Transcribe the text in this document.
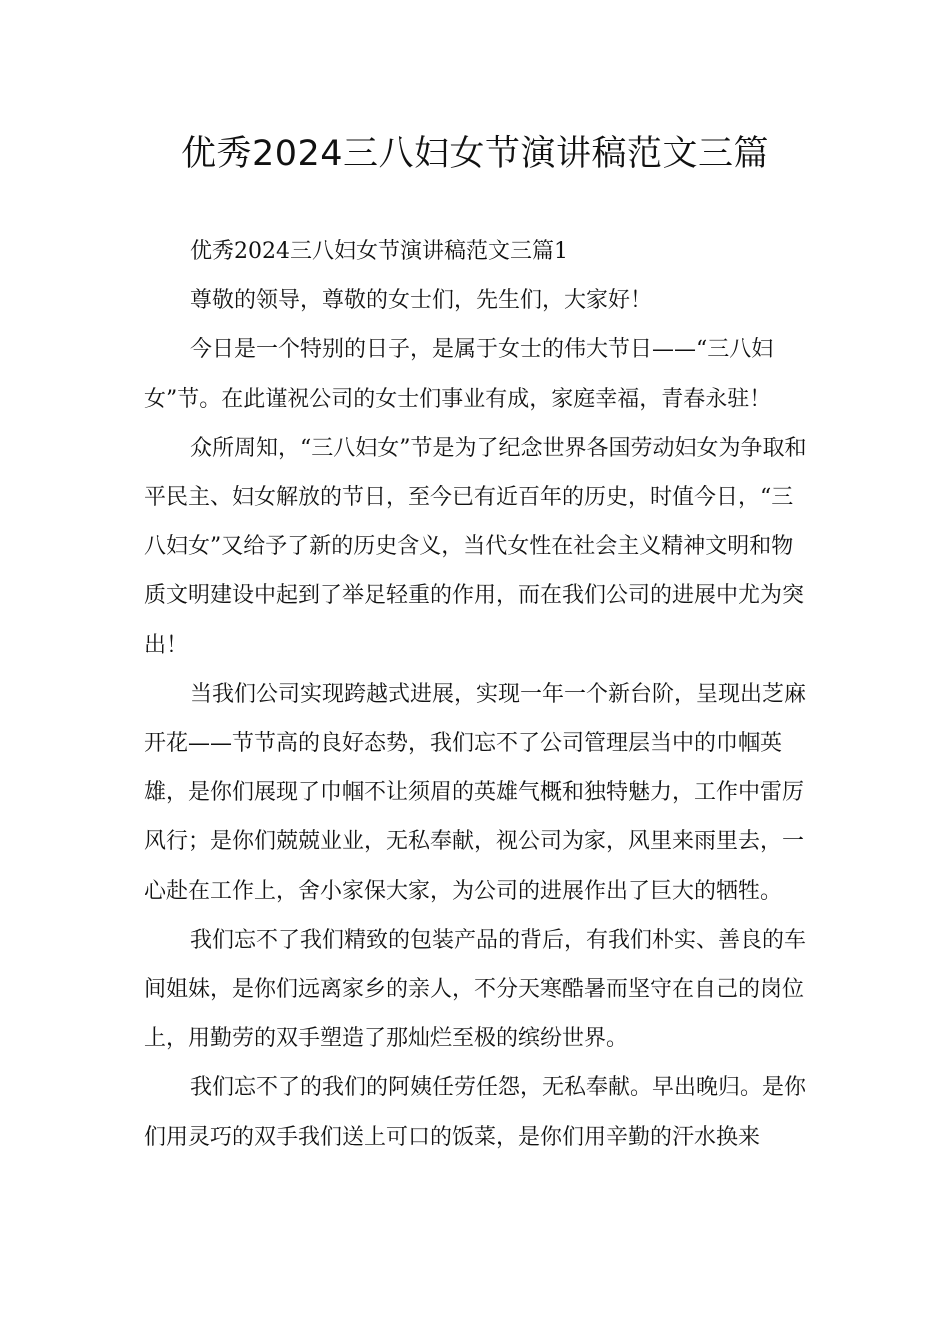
优秀2024三八妇女节演讲稿范文三篇

优秀2024三八妇女节演讲稿范文三篇1

尊敬的领导，尊敬的女士们，先生们，大家好！

今日是一个特别的日子，是属于女士的伟大节日——“三八妇女”节。在此谨祝公司的女士们事业有成，家庭幸福，青春永驻！

众所周知，“三八妇女”节是为了纪念世界各国劳动妇女为争取和平民主、妇女解放的节日，至今已有近百年的历史，时值今日，“三八妇女”又给予了新的历史含义，当代女性在社会主义精神文明和物质文明建设中起到了举足轻重的作用，而在我们公司的进展中尤为突出！

当我们公司实现跨越式进展，实现一年一个新台阶，呈现出芝麻开花——节节高的良好态势，我们忘不了公司管理层当中的巾帼英雄，是你们展现了巾帼不让须眉的英雄气概和独特魅力，工作中雷厉风行；是你们兢兢业业，无私奉献，视公司为家，风里来雨里去，一心赴在工作上，舍小家保大家，为公司的进展作出了巨大的牺牲。

我们忘不了我们精致的包装产品的背后，有我们朴实、善良的车间姐妹，是你们远离家乡的亲人，不分天寒酷暑而坚守在自己的岗位上，用勤劳的双手塑造了那灿烂至极的缤纷世界。

我们忘不了的我们的阿姨任劳任怨，无私奉献。早出晚归。是你们用灵巧的双手我们送上可口的饭菜，是你们用辛勤的汗水换来
